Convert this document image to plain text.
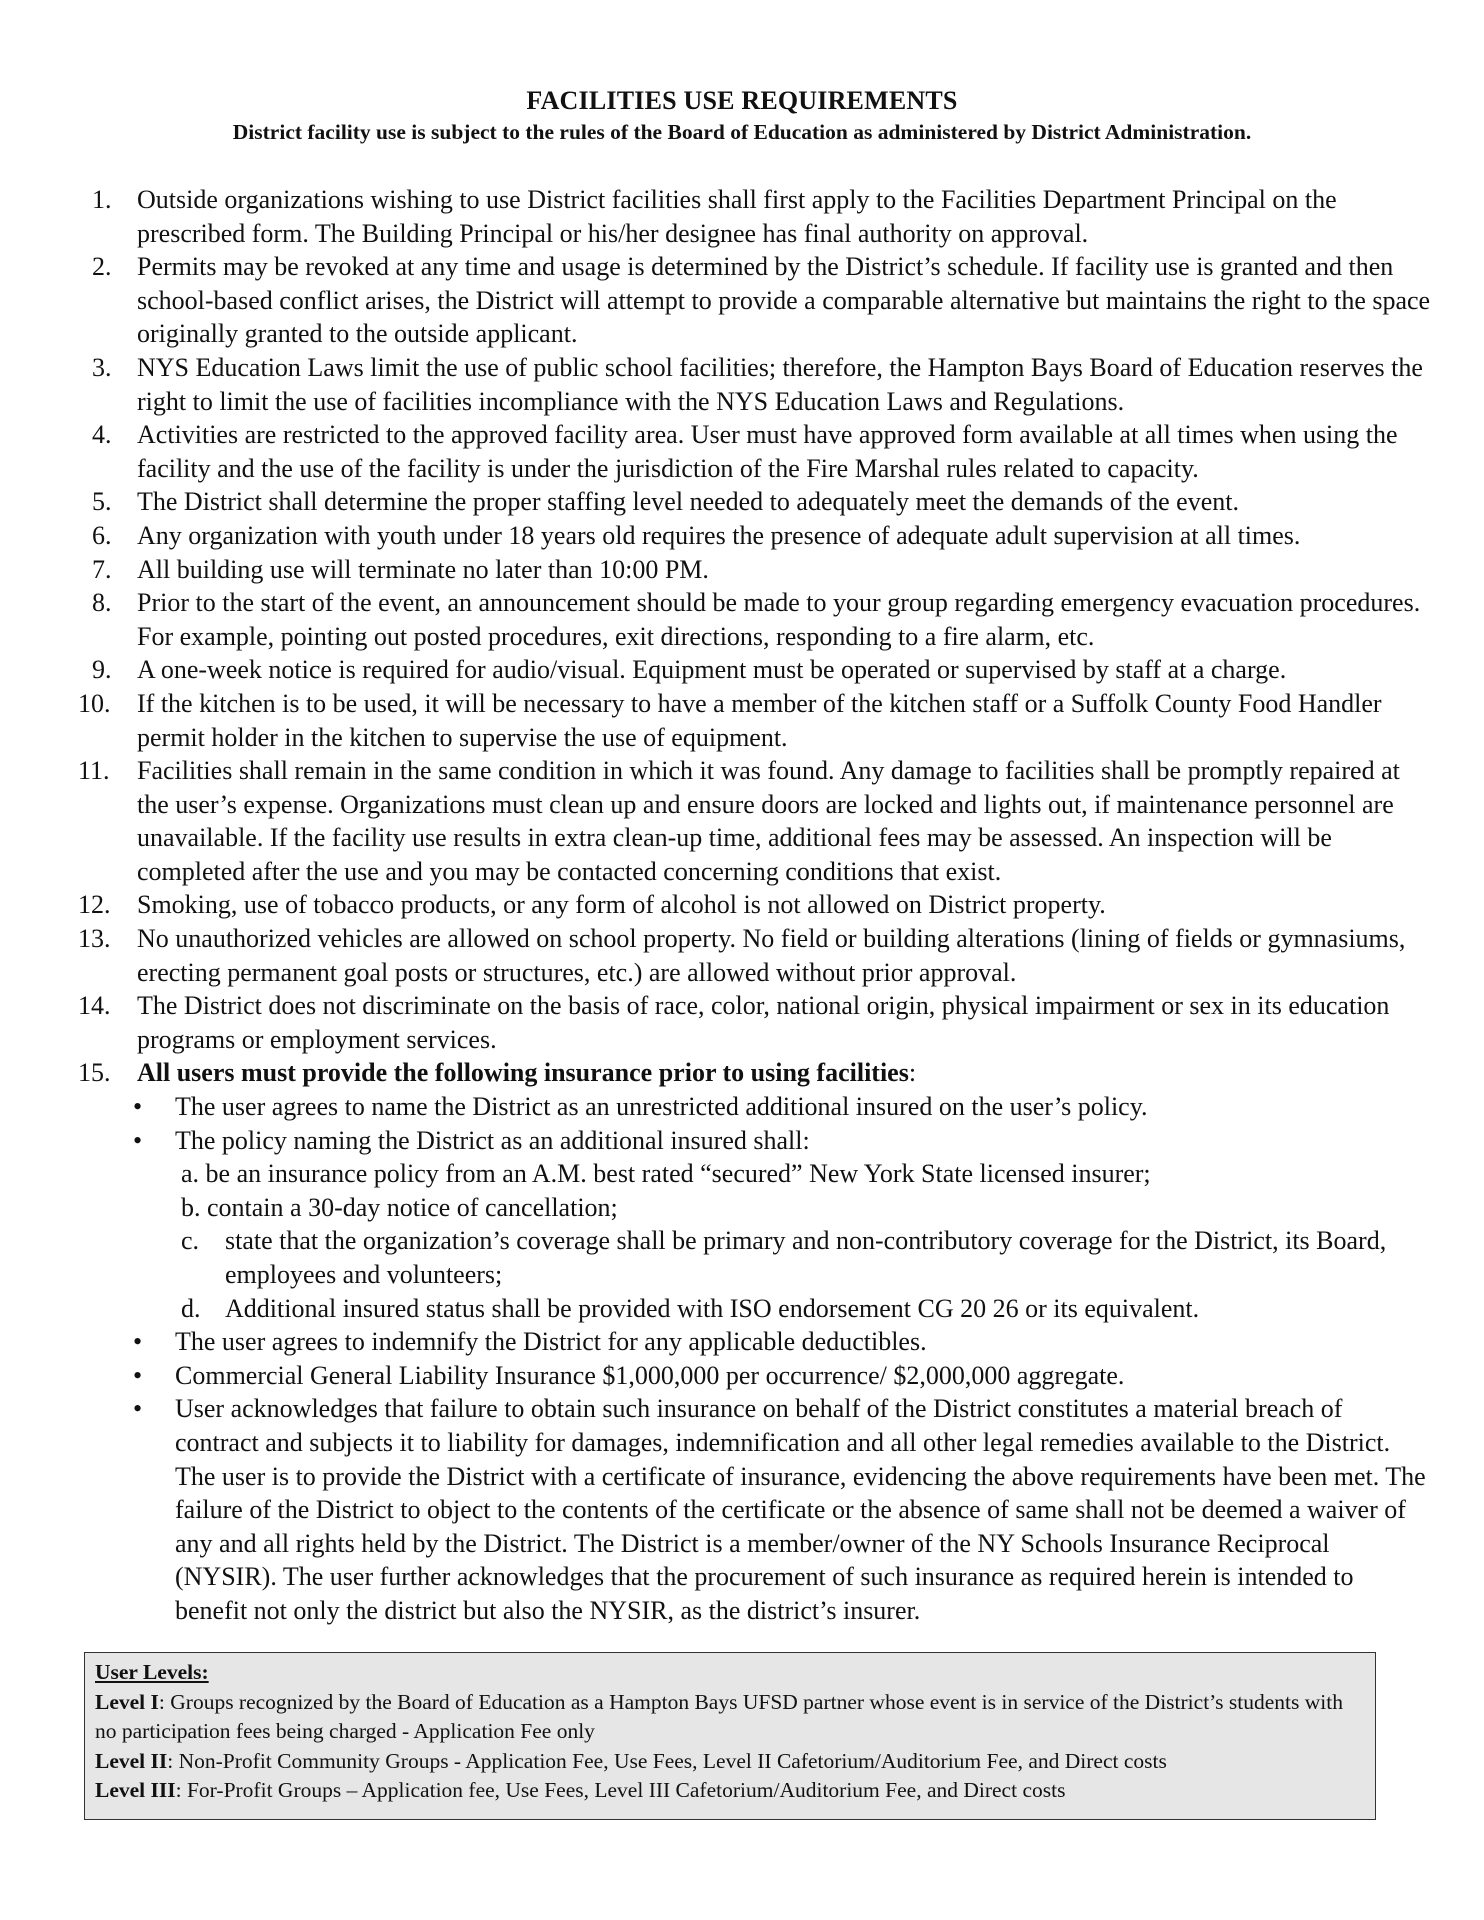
FACILITIES USE REQUIREMENTS
District facility use is subject to the rules of the Board of Education as administered by District Administration.
1. Outside organizations wishing to use District facilities shall first apply to the Facilities Department Principal on the prescribed form. The Building Principal or his/her designee has final authority on approval.
2. Permits may be revoked at any time and usage is determined by the District’s schedule. If facility use is granted and then school-based conflict arises, the District will attempt to provide a comparable alternative but maintains the right to the space originally granted to the outside applicant.
3. NYS Education Laws limit the use of public school facilities; therefore, the Hampton Bays Board of Education reserves the right to limit the use of facilities incompliance with the NYS Education Laws and Regulations.
4. Activities are restricted to the approved facility area. User must have approved form available at all times when using the facility and the use of the facility is under the jurisdiction of the Fire Marshal rules related to capacity.
5. The District shall determine the proper staffing level needed to adequately meet the demands of the event.
6. Any organization with youth under 18 years old requires the presence of adequate adult supervision at all times.
7. All building use will terminate no later than 10:00 PM.
8. Prior to the start of the event, an announcement should be made to your group regarding emergency evacuation procedures. For example, pointing out posted procedures, exit directions, responding to a fire alarm, etc.
9. A one-week notice is required for audio/visual. Equipment must be operated or supervised by staff at a charge.
10. If the kitchen is to be used, it will be necessary to have a member of the kitchen staff or a Suffolk County Food Handler permit holder in the kitchen to supervise the use of equipment.
11. Facilities shall remain in the same condition in which it was found. Any damage to facilities shall be promptly repaired at the user’s expense. Organizations must clean up and ensure doors are locked and lights out, if maintenance personnel are unavailable. If the facility use results in extra clean-up time, additional fees may be assessed. An inspection will be completed after the use and you may be contacted concerning conditions that exist.
12. Smoking, use of tobacco products, or any form of alcohol is not allowed on District property.
13. No unauthorized vehicles are allowed on school property. No field or building alterations (lining of fields or gymnasiums, erecting permanent goal posts or structures, etc.) are allowed without prior approval.
14. The District does not discriminate on the basis of race, color, national origin, physical impairment or sex in its education programs or employment services.
15. All users must provide the following insurance prior to using facilities:
• The user agrees to name the District as an unrestricted additional insured on the user’s policy.
• The policy naming the District as an additional insured shall:
a. be an insurance policy from an A.M. best rated “secured” New York State licensed insurer;
b. contain a 30-day notice of cancellation;
c. state that the organization’s coverage shall be primary and non-contributory coverage for the District, its Board, employees and volunteers;
d. Additional insured status shall be provided with ISO endorsement CG 20 26 or its equivalent.
• The user agrees to indemnify the District for any applicable deductibles.
• Commercial General Liability Insurance $1,000,000 per occurrence/ $2,000,000 aggregate.
• User acknowledges that failure to obtain such insurance on behalf of the District constitutes a material breach of contract and subjects it to liability for damages, indemnification and all other legal remedies available to the District. The user is to provide the District with a certificate of insurance, evidencing the above requirements have been met. The failure of the District to object to the contents of the certificate or the absence of same shall not be deemed a waiver of any and all rights held by the District. The District is a member/owner of the NY Schools Insurance Reciprocal (NYSIR). The user further acknowledges that the procurement of such insurance as required herein is intended to benefit not only the district but also the NYSIR, as the district’s insurer.
User Levels:
Level I: Groups recognized by the Board of Education as a Hampton Bays UFSD partner whose event is in service of the District’s students with no participation fees being charged - Application Fee only
Level II: Non-Profit Community Groups - Application Fee, Use Fees, Level II Cafetorium/Auditorium Fee, and Direct costs
Level III: For-Profit Groups – Application fee, Use Fees, Level III Cafetorium/Auditorium Fee, and Direct costs
